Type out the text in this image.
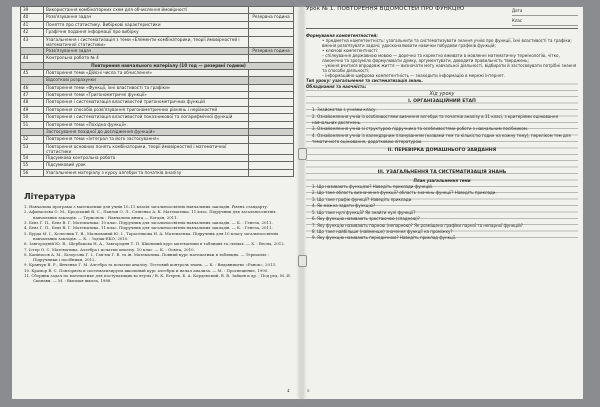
39	Використання комбінаторних схем для обчислення ймовірності	
40	Розв'язування задач	Резервна година
41	Поняття про статистику. Вибіркові характеристики	
42	Графічне подання інформації про вибірку	
43	Узагальнення і систематизація з теми «Елементи комбінаторики, теорії ймовірностей і математичної статистики»	
	Розв'язування задач	Резервна година
44	Контрольна робота № 4	
	Повторення навчального матеріалу (10 год — резервні години)	
45	Повторення теми «Дійсні числа та обчислення»	
	Відсоткові розрахунки	
46	Повторення теми «Функції, їхні властивості та графіки»	
47	Повторення теми «Тригонометричні функції»	
48	Повторення і систематизація властивостей тригонометричних функцій	
49	Повторення способів розв'язування тригонометричних рівнянь і нерівностей	
50	Повторення і систематизація властивостей показникової та логарифмічної функцій	
51	Повторення теми «Похідна функції».	
	Застосування похідної до дослідження функцій»	
52	Повторення теми «Інтеграл та його застосування»	
53	Повторення основних понять комбінаторики, теорії ймовірностей і математичної статистики	
54	Підсумкова контрольна робота	
55	Підсумковий урок	
56	Узагальнення матеріалу з курсу алгебри та початків аналізу	
Література
1. Навчальна програма з математики для учнів 10–11 класів загальноосвітніх навчальних закладів. Рівень стандарту.
2. Афанасьєва О. М., Бродський Я. С., Павлов О. Л., Сліпенко А. К. Математика. 11 клас. Підручник для загальноосвітніх навчальних закладів. — Тернопіль : Навчальна книга — Богдан, 2011.
3. Бевз Г. П., Бевз В. Г. Математика. 10 клас. Підручник для загальноосвітніх навчальних закладів. — К. : Генеза, 2011.
4. Бевз Г. П., Бевз В. Г. Математика. 11 клас. Підручник для загальноосвітніх навчальних закладів. — К. : Генеза, 2011.
5. Бурда М. І., Колесник Т. В., Мальований Ю. І., Тарасенкова Н. А. Математика. Підручник для 10 класу загальноосвітніх навчальних закладів. — К. : Зодіак-ЕКО, 2010.
6. Завгородній Ю. В., Щербакова Н. А., Завгородня Т. П. Шкільний курс математики в таблицях та схемах. — Х. : Весна, 2012.
7. Істер О. С. Математика. Алгебра і початки аналізу. 10 клас. — К. : Освіта, 2010.
8. Капіносов А. М., Білоусова Г. І., Гап'юк Г. В. та ін. Математика. Повний курс математики в таблицях. — Тернопіль : Підручники і посібники, 2012.
9. Кравчук В. Р., Янченко Г. М. Алгебра та початки аналізу. Тестовий контроль знань. — К. : Видавництво «Ранок», 2013.
10. Крамор В. С. Повторяем и систематизируем школьный курс алгебры и начал анализа. — М. : Просвещение, 1990.
11. Сборник задач по математике для поступающих во втузы / В. К. Егерев, Б. А. Кордемский, В. В. Зайцев и др. ; Под ред. М. И. Сканави. — М. : Высшая школа, 1988.
4
Урок № 1. ПОВТОРЕННЯ ВІДОМОСТЕЙ ПРО ФУНКЦІЮ	Дата
Клас
Формування компетентностей:
• предметна компетентність: узагальнити та систематизувати знання учнів про функції, їхні властивості та графіки; вміння розв'язувати задачі; удосконалювати навички побудови графіків функцій;
• ключові компетентності:
– спілкування державною мовою — доречно та коректно вживати в мовленні математичну термінологію, чітко, лаконічно та зрозуміло формулювати думку, аргументувати, доводити правильність тверджень;
– уміння вчитися впродовж життя — визначати мету навчальної діяльності, відбирати й застосовувати потрібні знання та способи діяльності;
– інформаційно-цифрова компетентність — знаходити інформацію в мережі Інтернет.
Тип уроку: узагальнення та систематизація знань.
Обладнання та наочність:
Хід уроку
I. ОРГАНІЗАЦІЙНИЙ ЕТАП
1. Знайомство з учнями класу.
2. Ознайомлення учнів із особливостями вивчення алгебри та початків аналізу в 11 класі, з критеріями оцінювання навчальних досягнень.
3. Ознайомлення учнів зі структурою підручника та особливостями роботи з навчальним посібником.
4. Ознайомлення учнів із календарним плануванням (назвами тем та кількістю годин на кожну тему), переліком тем для тематичного оцінювання, додатковою літературою.
II. ПЕРЕВІРКА ДОМАШНЬОГО ЗАВДАННЯ
III. УЗАГАЛЬНЕННЯ ТА СИСТЕМАТИЗАЦІЯ ЗНАНЬ
План узагальнення теми
1. Що називають функцією? Наведіть приклади функцій.
2. Що таке область визначення функції? область значень функції? Наведіть приклади.
3. Що таке графік функції? Наведіть приклади.
4. Як можна задати функцію?
5. Що таке нулі функції? Як знайти нулі функції?
6. Яку функцію називають зростаючою (спадною)?
7. Яку функцію називають парною (непарною)? Як розміщено графіки парної та непарної функцій?
8. Що таке найбільше (найменше) значення функції на проміжку?
9. Яку функцію називають періодичною? Наведіть приклад функції.
5
